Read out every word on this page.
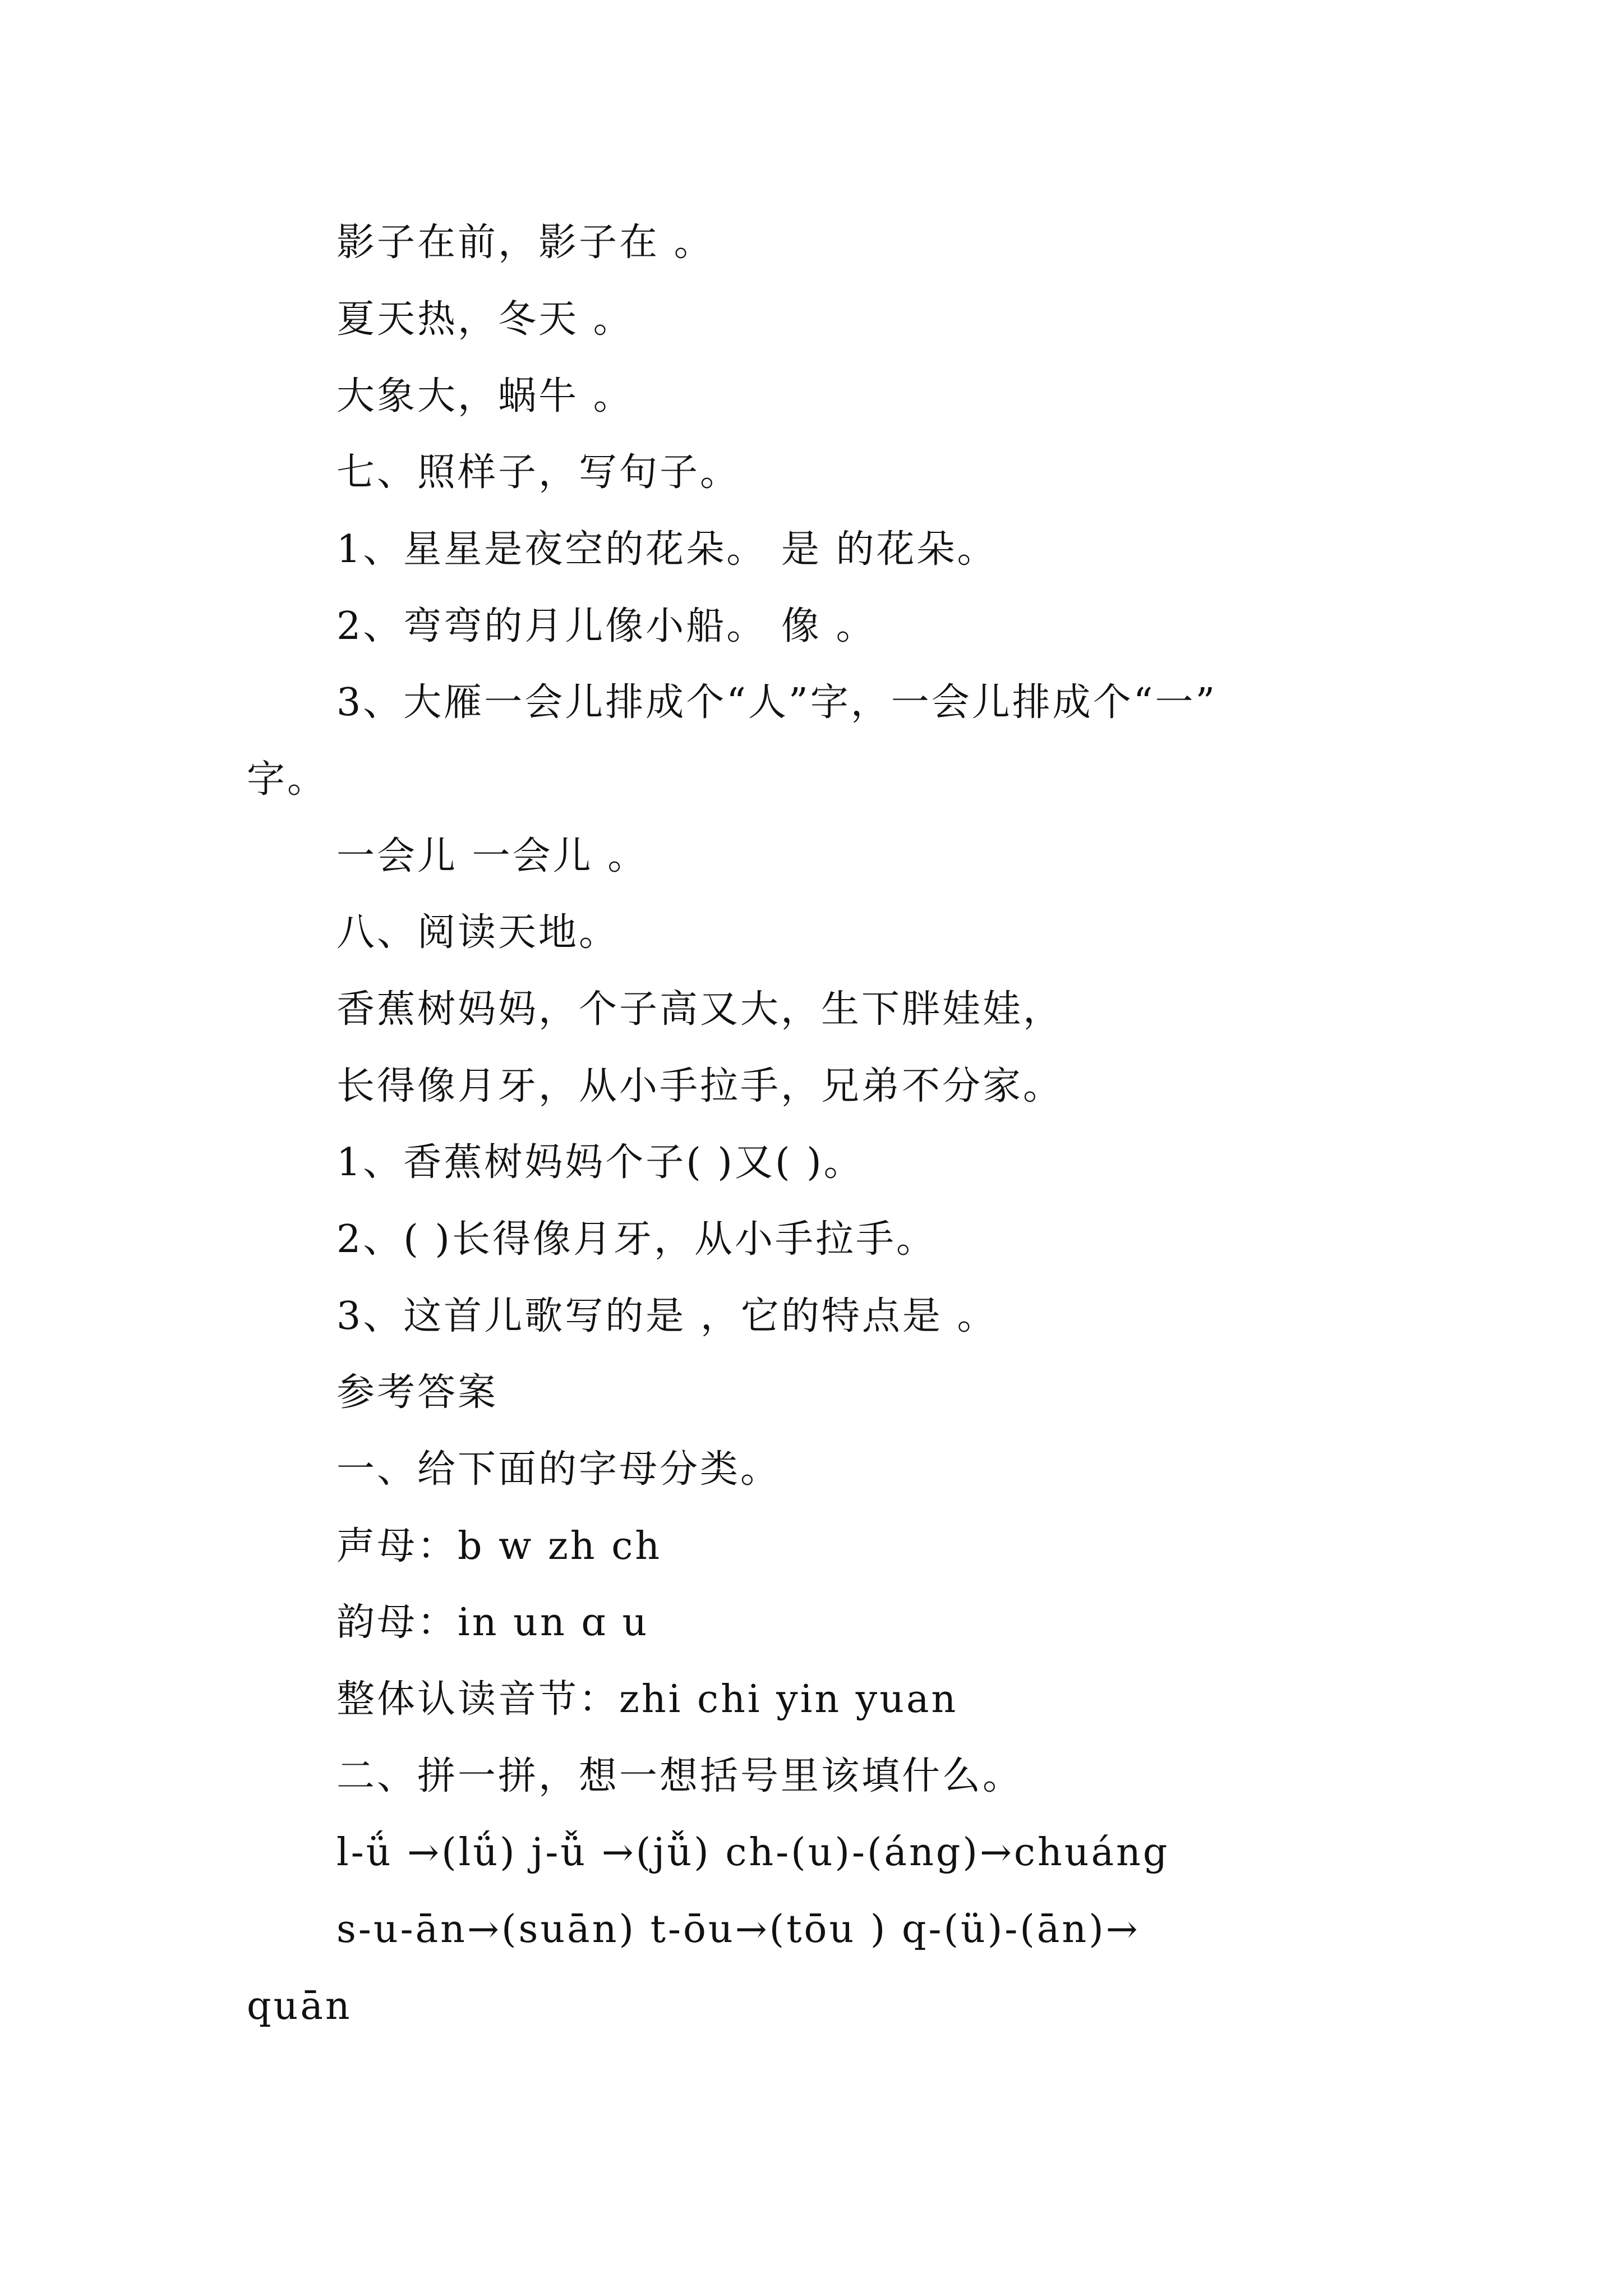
影子在前，影子在 。
夏天热，冬天 。
大象大，蜗牛 。
七、照样子，写句子。
1、星星是夜空的花朵。 是 的花朵。
2、弯弯的月儿像小船。 像 。
3、大雁一会儿排成个“人”字，一会儿排成个“一”
字。
一会儿 一会儿 。
八、阅读天地。
香蕉树妈妈，个子高又大，生下胖娃娃，
长得像月牙，从小手拉手，兄弟不分家。
1、香蕉树妈妈个子( )又( )。
2、( )长得像月牙，从小手拉手。
3、这首儿歌写的是 ，它的特点是 。
参考答案
一、给下面的字母分类。
声母：b w zh ch
韵母：in un ɑ u
整体认读音节：zhi chi yin yuan
二、拼一拼，想一想括号里该填什么。
l-ǘ →(lǘ) j-ǚ →(jǚ) ch-(u)-(áng)→chuáng
s-u-ān→(suān) t-ōu→(tōu ) q-(ü)-(ān)→
quān
